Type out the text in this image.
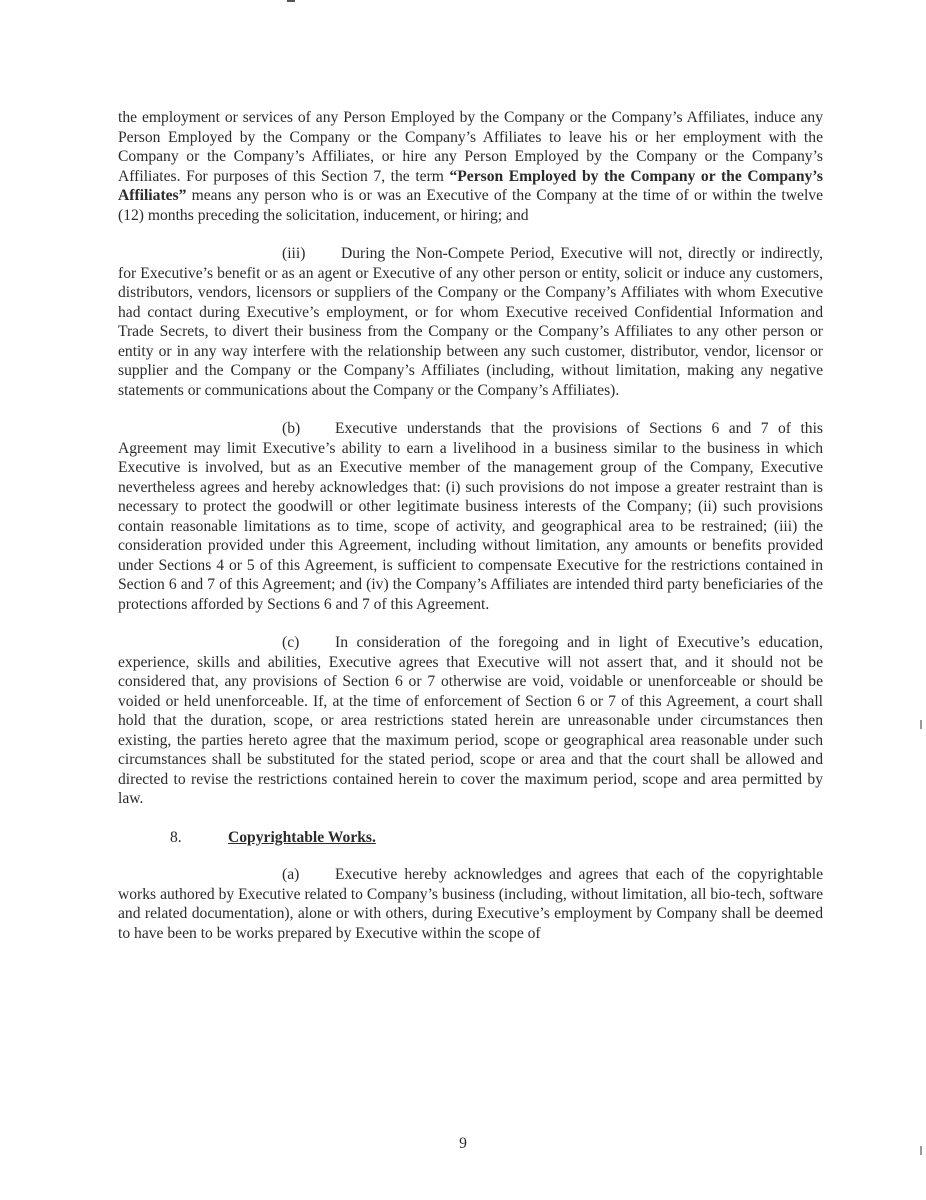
the employment or services of any Person Employed by the Company or the Company’s Affiliates, induce any Person Employed by the Company or the Company’s Affiliates to leave his or her employment with the Company or the Company’s Affiliates, or hire any Person Employed by the Company or the Company’s Affiliates. For purposes of this Section 7, the term “Person Employed by the Company or the Company’s Affiliates” means any person who is or was an Executive of the Company at the time of or within the twelve (12) months preceding the solicitation, inducement, or hiring; and

(iii) During the Non-Compete Period, Executive will not, directly or indirectly, for Executive’s benefit or as an agent or Executive of any other person or entity, solicit or induce any customers, distributors, vendors, licensors or suppliers of the Company or the Company’s Affiliates with whom Executive had contact during Executive’s employment, or for whom Executive received Confidential Information and Trade Secrets, to divert their business from the Company or the Company’s Affiliates to any other person or entity or in any way interfere with the relationship between any such customer, distributor, vendor, licensor or supplier and the Company or the Company’s Affiliates (including, without limitation, making any negative statements or communications about the Company or the Company’s Affiliates).

(b) Executive understands that the provisions of Sections 6 and 7 of this Agreement may limit Executive’s ability to earn a livelihood in a business similar to the business in which Executive is involved, but as an Executive member of the management group of the Company, Executive nevertheless agrees and hereby acknowledges that: (i) such provisions do not impose a greater restraint than is necessary to protect the goodwill or other legitimate business interests of the Company; (ii) such provisions contain reasonable limitations as to time, scope of activity, and geographical area to be restrained; (iii) the consideration provided under this Agreement, including without limitation, any amounts or benefits provided under Sections 4 or 5 of this Agreement, is sufficient to compensate Executive for the restrictions contained in Section 6 and 7 of this Agreement; and (iv) the Company’s Affiliates are intended third party beneficiaries of the protections afforded by Sections 6 and 7 of this Agreement.

(c) In consideration of the foregoing and in light of Executive’s education, experience, skills and abilities, Executive agrees that Executive will not assert that, and it should not be considered that, any provisions of Section 6 or 7 otherwise are void, voidable or unenforceable or should be voided or held unenforceable. If, at the time of enforcement of Section 6 or 7 of this Agreement, a court shall hold that the duration, scope, or area restrictions stated herein are unreasonable under circumstances then existing, the parties hereto agree that the maximum period, scope or geographical area reasonable under such circumstances shall be substituted for the stated period, scope or area and that the court shall be allowed and directed to revise the restrictions contained herein to cover the maximum period, scope and area permitted by law.

8.	Copyrightable Works.

(a) Executive hereby acknowledges and agrees that each of the copyrightable works authored by Executive related to Company’s business (including, without limitation, all bio-tech, software and related documentation), alone or with others, during Executive’s employment by Company shall be deemed to have been to be works prepared by Executive within the scope of

9
